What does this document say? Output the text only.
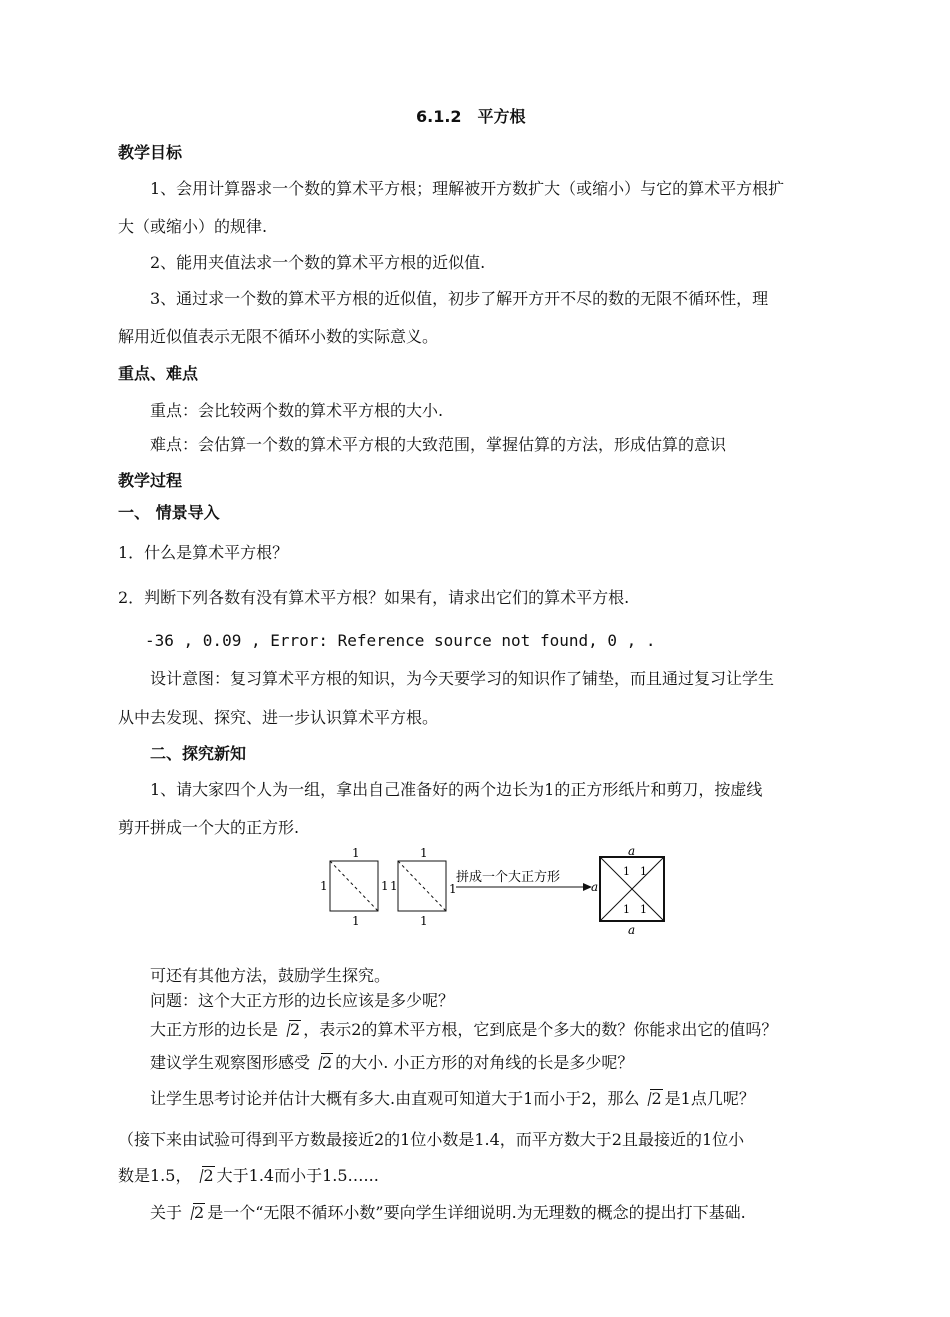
6.1.2　平方根
教学目标
1、会用计算器求一个数的算术平方根；理解被开方数扩大（或缩小）与它的算术平方根扩
大（或缩小）的规律.
2、能用夹值法求一个数的算术平方根的近似值.
3、通过求一个数的算术平方根的近似值，初步了解开方开不尽的数的无限不循环性，理
解用近似值表示无限不循环小数的实际意义。
重点、难点
重点：会比较两个数的算术平方根的大小.
难点：会估算一个数的算术平方根的大致范围，掌握估算的方法，形成估算的意识
教学过程
一、 情景导入
1．什么是算术平方根？
2．判断下列各数有没有算术平方根？如果有，请求出它们的算术平方根.
-36 , 0.09 , Error: Reference source not found, 0 , .
设计意图：复习算术平方根的知识，为今天要学习的知识作了铺垫，而且通过复习让学生
从中去发现、探究、进一步认识算术平方根。
二、探究新知
1、请大家四个人为一组，拿出自己准备好的两个边长为1的正方形纸片和剪刀，按虚线
剪开拼成一个大的正方形.
1
1	1
1
1
1	1
1
拼成一个大正方形	1 1
1 1
a
a
a
可还有其他方法，鼓励学生探究。
问题：这个大正方形的边长应该是多少呢？
大正方形的边长是 2 ，表示2的算术平方根，它到底是个多大的数？你能求出它的值吗？
建议学生观察图形感受 2 的大小. 小正方形的对角线的长是多少呢？
让学生思考讨论并估计大概有多大.由直观可知道大于1而小于2，那么 2 是1点几呢？
（接下来由试验可得到平方数最接近2的1位小数是1.4，而平方数大于2且最接近的1位小
数是1.5， 2 大于1.4而小于1.5…...
关于 2 是一个“无限不循环小数”要向学生详细说明.为无理数的概念的提出打下基础.
